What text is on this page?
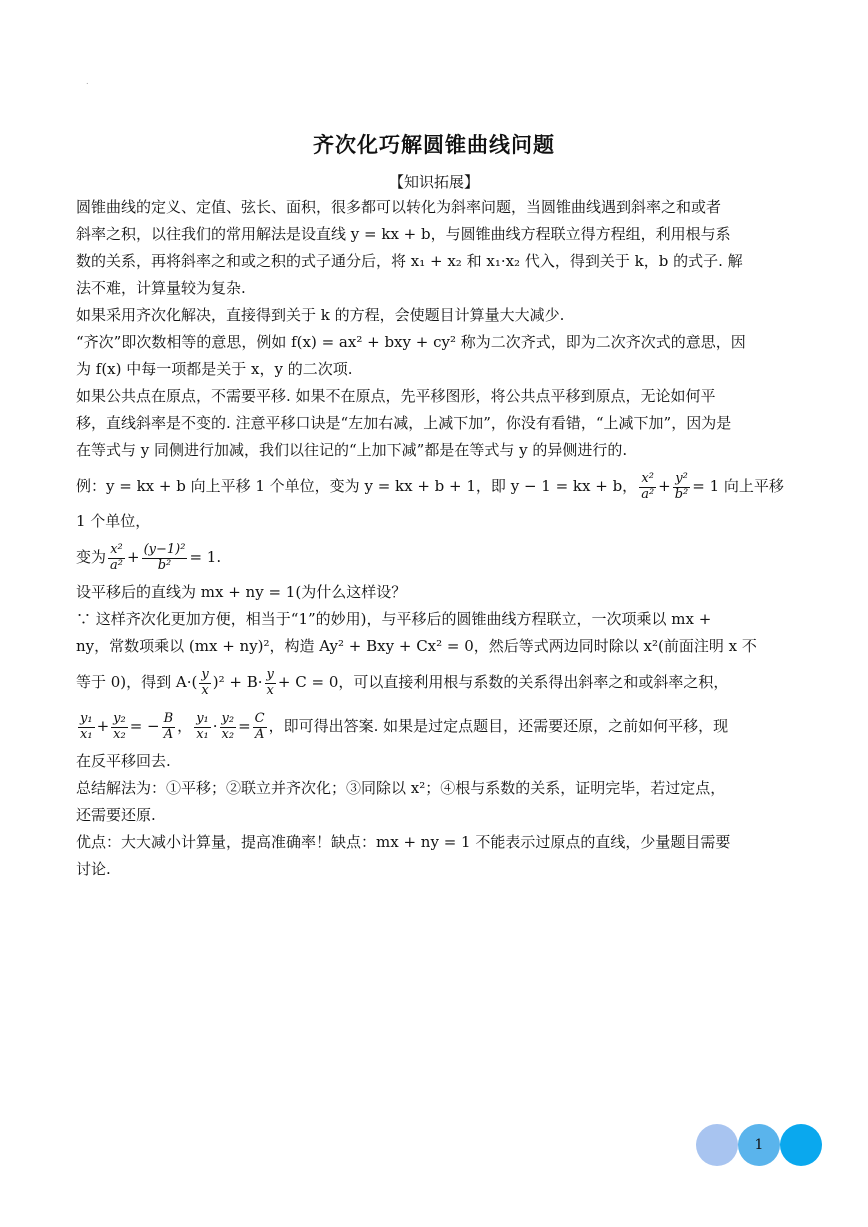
.
齐次化巧解圆锥曲线问题
【知识拓展】

圆锥曲线的定义、定值、弦长、面积，很多都可以转化为斜率问题，当圆锥曲线遇到斜率之和或者
斜率之积，以往我们的常用解法是设直线 y = kx + b，与圆锥曲线方程联立得方程组，利用根与系
数的关系，再将斜率之和或之积的式子通分后，将 x₁ + x₂ 和 x₁·x₂ 代入，得到关于 k，b 的式子. 解
法不难，计算量较为复杂.

如果采用齐次化解决，直接得到关于 k 的方程，会使题目计算量大大减少.

“齐次”即次数相等的意思，例如 f(x) = ax² + bxy + cy² 称为二次齐式，即为二次齐次式的意思，因
为 f(x) 中每一项都是关于 x，y 的二次项.

如果公共点在原点，不需要平移. 如果不在原点，先平移图形，将公共点平移到原点，无论如何平
移，直线斜率是不变的. 注意平移口诀是“左加右减，上减下加”，你没有看错，“上减下加”，因为是
在等式与 y 同侧进行加减，我们以往记的“上加下减”都是在等式与 y 的异侧进行的.

例：y = kx + b 向上平移 1 个单位，变为 y = kx + b + 1，即 y − 1 = kx + b， $\frac{\text{x²}}{\text{a²}} + \frac{\text{y²}}{\text{b²}} = 1$ 向上平移
1 个单位，

变为 $\frac{\text{x²}}{\text{a²}} + \frac{\text{(y−1)²}}{\text{b²}} = 1$.

设平移后的直线为 mx + ny = 1(为什么这样设？

∵ 这样齐次化更加方便，相当于“1”的妙用)，与平移后的圆锥曲线方程联立，一次项乘以 mx +
ny，常数项乘以 (mx + ny)²，构造 Ay² + Bxy + Cx² = 0，然后等式两边同时除以 x²(前面注明 x 不
等于 0)，得到 $A\cdot( \frac{y}{x} )^2 + B\cdot \frac{y}{x} + C = 0$，可以直接利用根与系数的关系得出斜率之和或斜率之积，
$\frac{\text{y₁}}{\text{x₁}} + \frac{\text{y₂}}{\text{x₂}}$ = − $\frac{B}{A}$ ， $\frac{\text{y₁}}{\text{x₁}} \cdot \frac{\text{y₂}}{\text{x₂}} = \frac{C}{A}$ ，即可得出答案. 如果是过定点题目，还需要还原，之前如何平移，现
在反平移回去.

总结解法为：①平移；②联立并齐次化；③同除以 x²；④根与系数的关系，证明完毕，若过定点，
还需要还原.

优点：大大减小计算量，提高准确率！缺点：mx + ny = 1 不能表示过原点的直线，少量题目需要
讨论.

1
